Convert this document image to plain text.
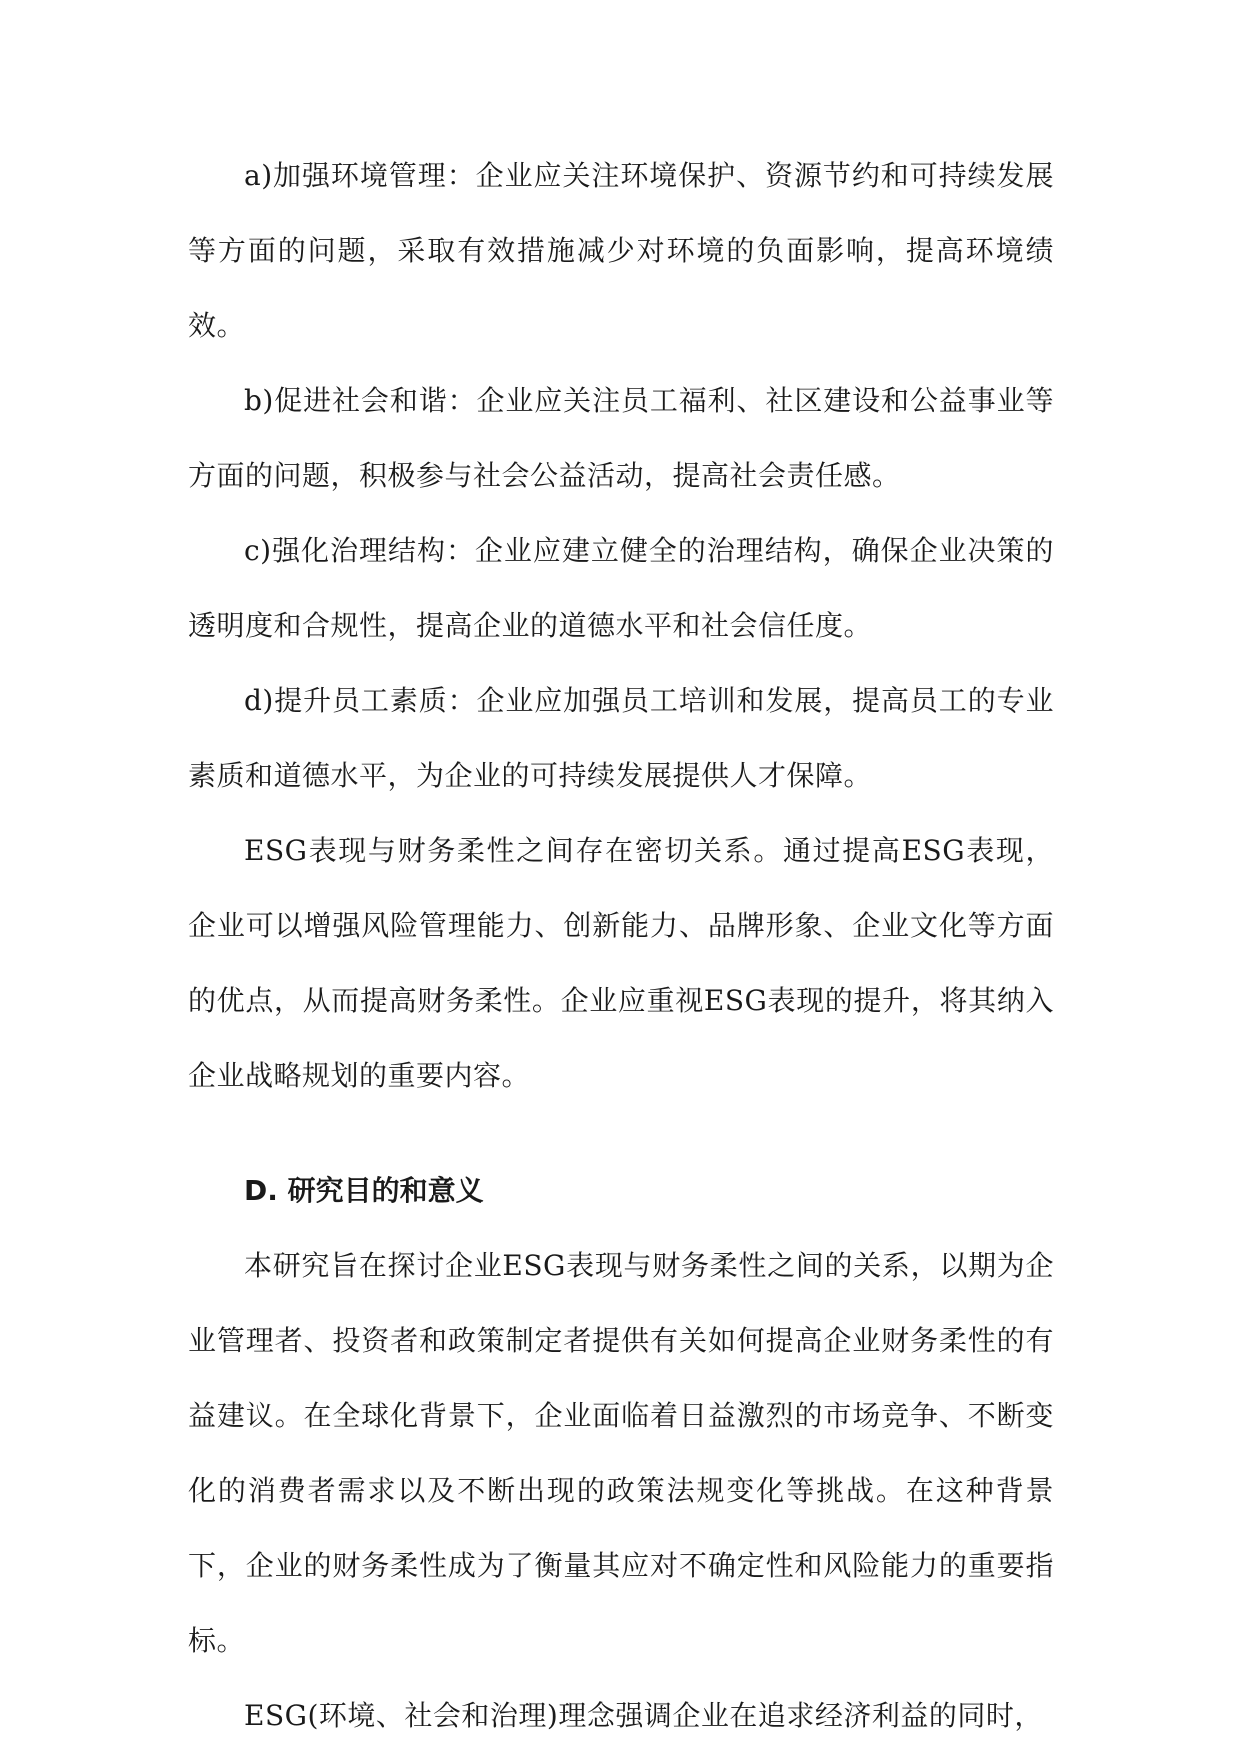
a)加强环境管理：企业应关注环境保护、资源节约和可持续发展等方面的问题，采取有效措施减少对环境的负面影响，提高环境绩效。

b)促进社会和谐：企业应关注员工福利、社区建设和公益事业等方面的问题，积极参与社会公益活动，提高社会责任感。

c)强化治理结构：企业应建立健全的治理结构，确保企业决策的透明度和合规性，提高企业的道德水平和社会信任度。

d)提升员工素质：企业应加强员工培训和发展，提高员工的专业素质和道德水平，为企业的可持续发展提供人才保障。

ESG表现与财务柔性之间存在密切关系。通过提高ESG表现，企业可以增强风险管理能力、创新能力、品牌形象、企业文化等方面的优点，从而提高财务柔性。企业应重视ESG表现的提升，将其纳入企业战略规划的重要内容。

D. 研究目的和意义

本研究旨在探讨企业ESG表现与财务柔性之间的关系，以期为企业管理者、投资者和政策制定者提供有关如何提高企业财务柔性的有益建议。在全球化背景下，企业面临着日益激烈的市场竞争、不断变化的消费者需求以及不断出现的政策法规变化等挑战。在这种背景下，企业的财务柔性成为了衡量其应对不确定性和风险能力的重要指标。

ESG(环境、社会和治理)理念强调企业在追求经济利益的同时，
